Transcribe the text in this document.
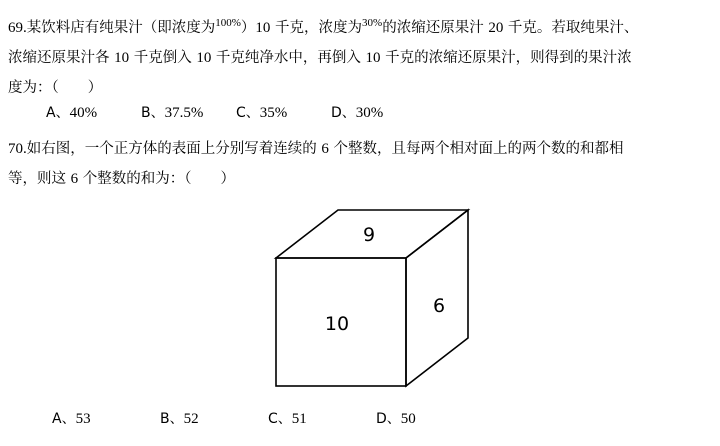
69.某饮料店有纯果汁（即浓度为$^{100\%}$）10 千克，浓度为$^{30\%}$的浓缩还原果汁 20 千克。若取纯果汁、
浓缩还原果汁各 10 千克倒入 10 千克纯净水中，再倒入 10 千克的浓缩还原果汁，则得到的果汁浓
度为：（　　）
A、40%	B、37.5% C、35%	D、30%
70.如右图，一个正方体的表面上分别写着连续的 6 个整数，且每两个相对面上的两个数的和都相
等，则这 6 个整数的和为：（　　）
9
10
6
A、53	B、52	C、51	D、50
